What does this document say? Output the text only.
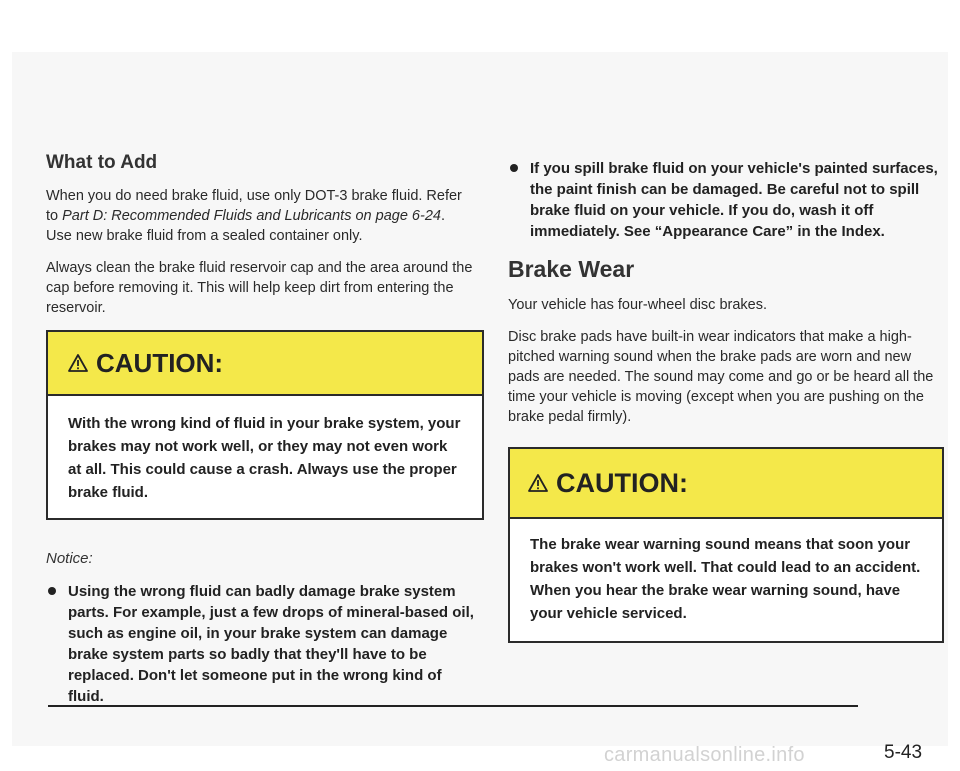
What to Add

When you do need brake fluid, use only DOT-3 brake fluid. Refer to Part D: Recommended Fluids and Lubricants on page 6-24. Use new brake fluid from a sealed container only.

Always clean the brake fluid reservoir cap and the area around the cap before removing it. This will help keep dirt from entering the reservoir.

CAUTION:
With the wrong kind of fluid in your brake system, your brakes may not work well, or they may not even work at all. This could cause a crash. Always use the proper brake fluid.
Notice:
Using the wrong fluid can badly damage brake system parts. For example, just a few drops of mineral-based oil, such as engine oil, in your brake system can damage brake system parts so badly that they'll have to be replaced. Don't let someone put in the wrong kind of fluid.
If you spill brake fluid on your vehicle's painted surfaces, the paint finish can be damaged. Be careful not to spill brake fluid on your vehicle. If you do, wash it off immediately. See “Appearance Care” in the Index.
Brake Wear

Your vehicle has four-wheel disc brakes.

Disc brake pads have built-in wear indicators that make a high-pitched warning sound when the brake pads are worn and new pads are needed. The sound may come and go or be heard all the time your vehicle is moving (except when you are pushing on the brake pedal firmly).

CAUTION:
The brake wear warning sound means that soon your brakes won't work well. That could lead to an accident. When you hear the brake wear warning sound, have your vehicle serviced.
5-43
carmanualsonline.info
